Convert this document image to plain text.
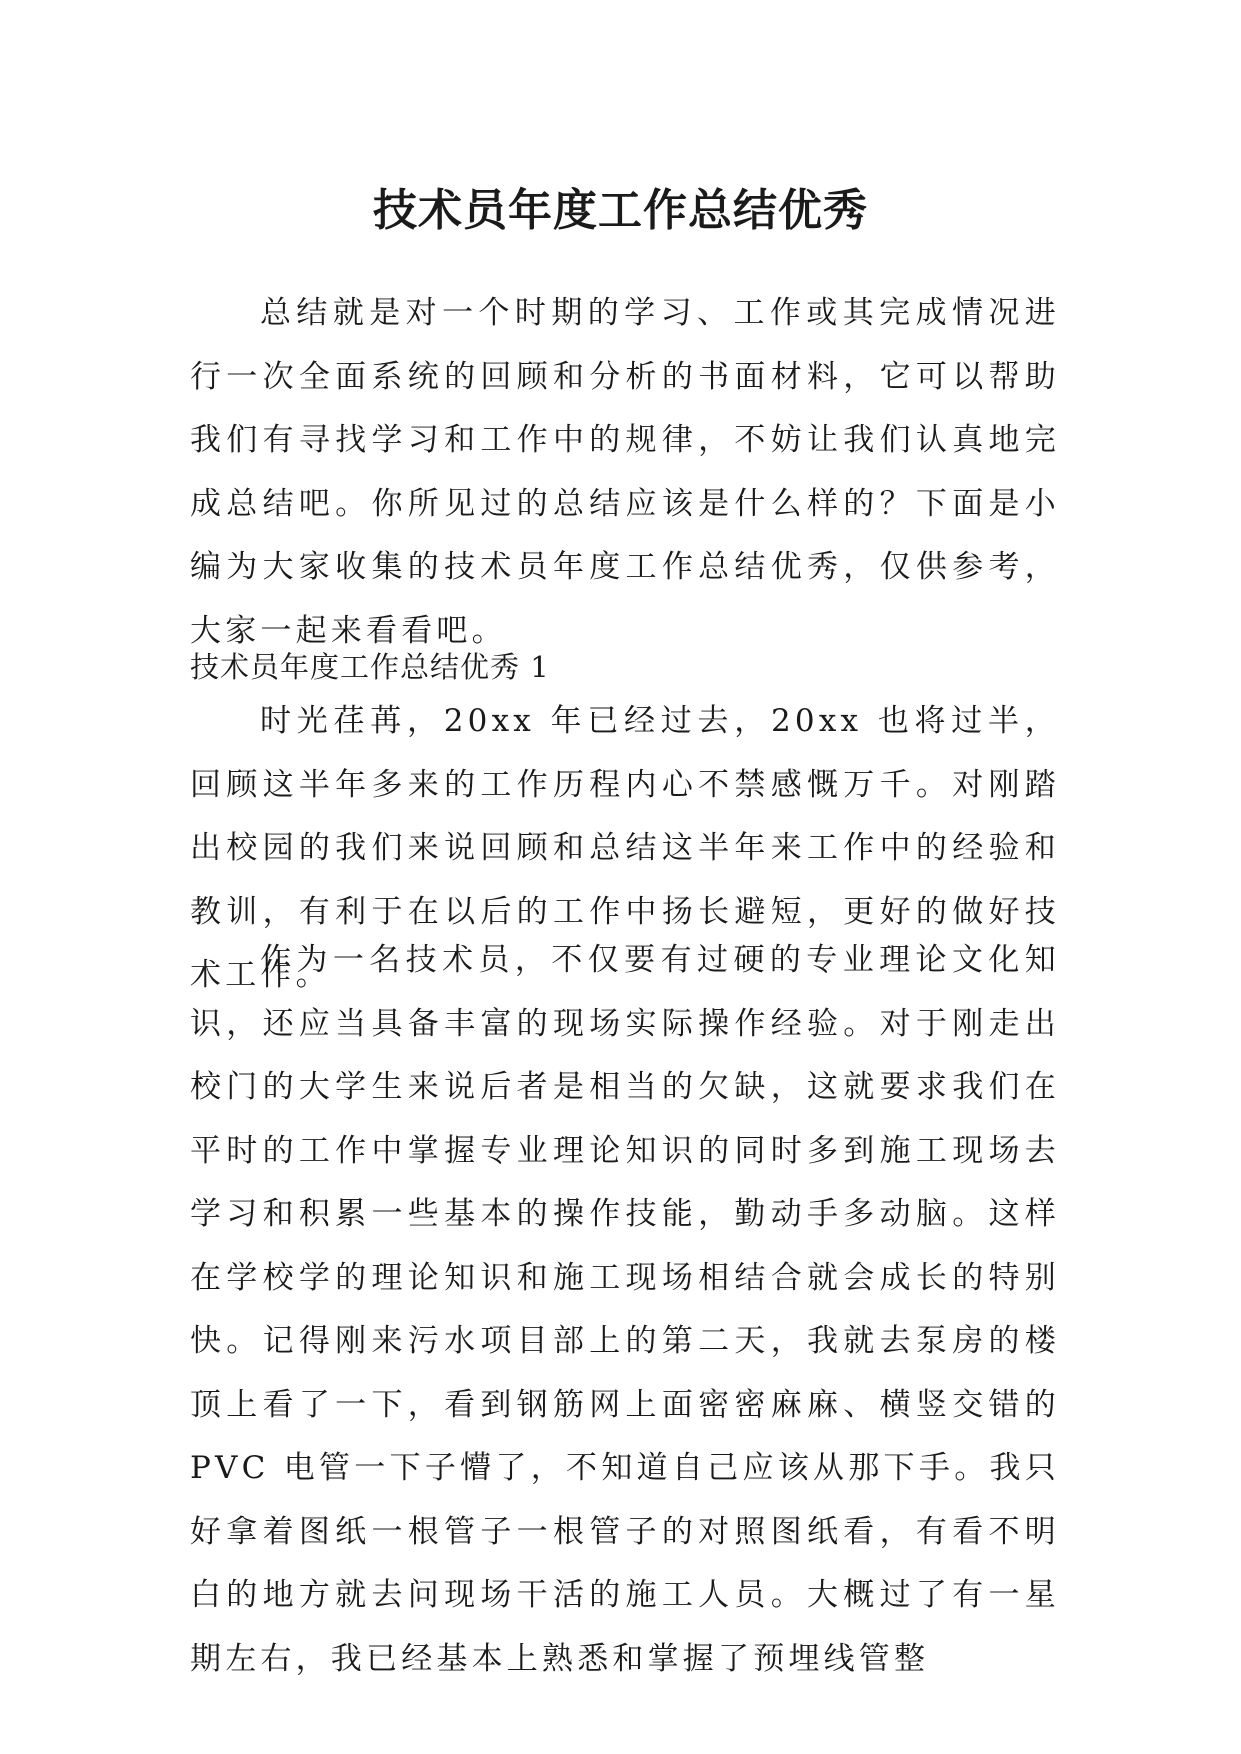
技术员年度工作总结优秀

总结就是对一个时期的学习、工作或其完成情况进行一次全面系统的回顾和分析的书面材料，它可以帮助我们有寻找学习和工作中的规律，不妨让我们认真地完成总结吧。你所见过的总结应该是什么样的？下面是小编为大家收集的技术员年度工作总结优秀，仅供参考，大家一起来看看吧。

技术员年度工作总结优秀 1

时光荏苒，20xx 年已经过去，20xx 也将过半，回顾这半年多来的工作历程内心不禁感慨万千。对刚踏出校园的我们来说回顾和总结这半年来工作中的经验和教训，有利于在以后的工作中扬长避短，更好的做好技术工作。

作为一名技术员，不仅要有过硬的专业理论文化知识，还应当具备丰富的现场实际操作经验。对于刚走出校门的大学生来说后者是相当的欠缺，这就要求我们在平时的工作中掌握专业理论知识的同时多到施工现场去学习和积累一些基本的操作技能，勤动手多动脑。这样在学校学的理论知识和施工现场相结合就会成长的特别快。记得刚来污水项目部上的第二天，我就去泵房的楼顶上看了一下，看到钢筋网上面密密麻麻、横竖交错的 PVC 电管一下子懵了，不知道自己应该从那下手。我只好拿着图纸一根管子一根管子的对照图纸看，有看不明白的地方就去问现场干活的施工人员。大概过了有一星期左右，我已经基本上熟悉和掌握了预埋线管整
